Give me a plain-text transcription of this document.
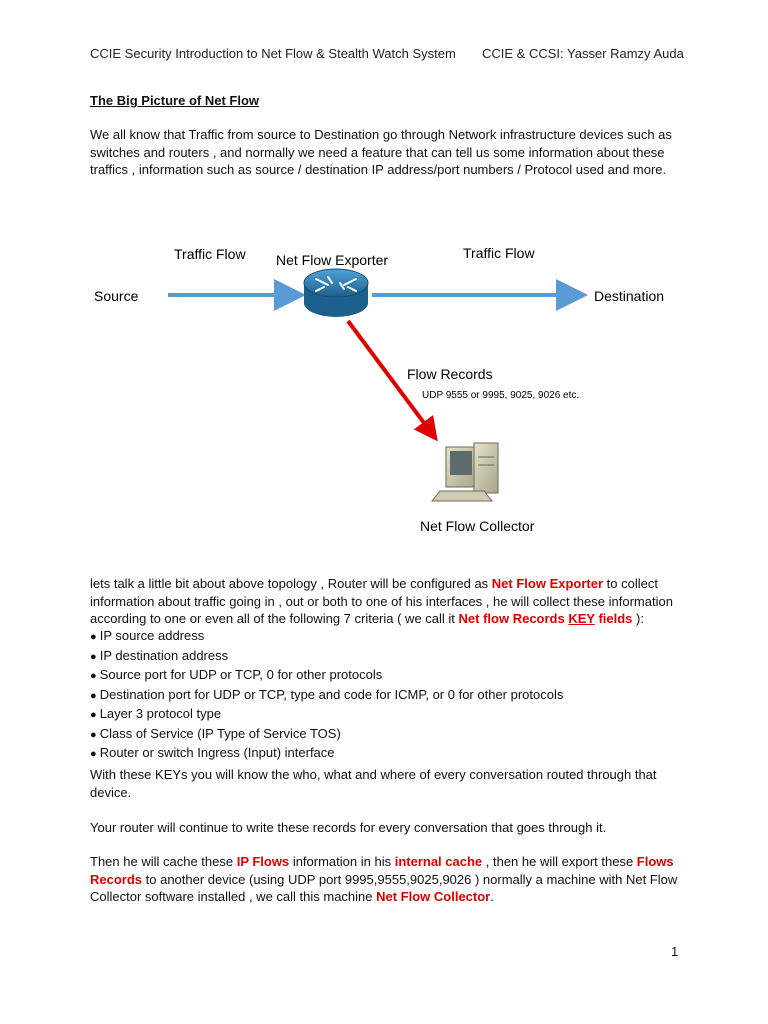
CCIE Security Introduction to Net Flow & Stealth Watch System CCIE & CCSI: Yasser Ramzy Auda
The Big Picture of Net Flow
We all know that Traffic from source to Destination go through Network infrastructure devices such as switches and routers , and normally we need a feature that can tell us some information about these traffics , information such as source / destination IP address/port numbers / Protocol used and more.
Source
Traffic Flow Net Flow Exporter	Traffic Flow
Destination
Flow Records
UDP 9555 or 9995, 9025, 9026 etc.
Net Flow Collector
lets talk a little bit about above topology , Router will be configured as Net Flow Exporter to collect information about traffic going in , out or both to one of his interfaces , he will collect these information according to one or even all of the following 7 criteria ( we call it Net flow Records KEY fields ):
● IP source address
● IP destination address
● Source port for UDP or TCP, 0 for other protocols
● Destination port for UDP or TCP, type and code for ICMP, or 0 for other protocols
● Layer 3 protocol type
● Class of Service (IP Type of Service TOS)
● Router or switch Ingress (Input) interface
With these KEYs you will know the who, what and where of every conversation routed through that device.
Your router will continue to write these records for every conversation that goes through it.
Then he will cache these IP Flows information in his internal cache , then he will export these Flows Records to another device (using UDP port 9995,9555,9025,9026 ) normally a machine with Net Flow Collector software installed , we call this machine Net Flow Collector.
1
